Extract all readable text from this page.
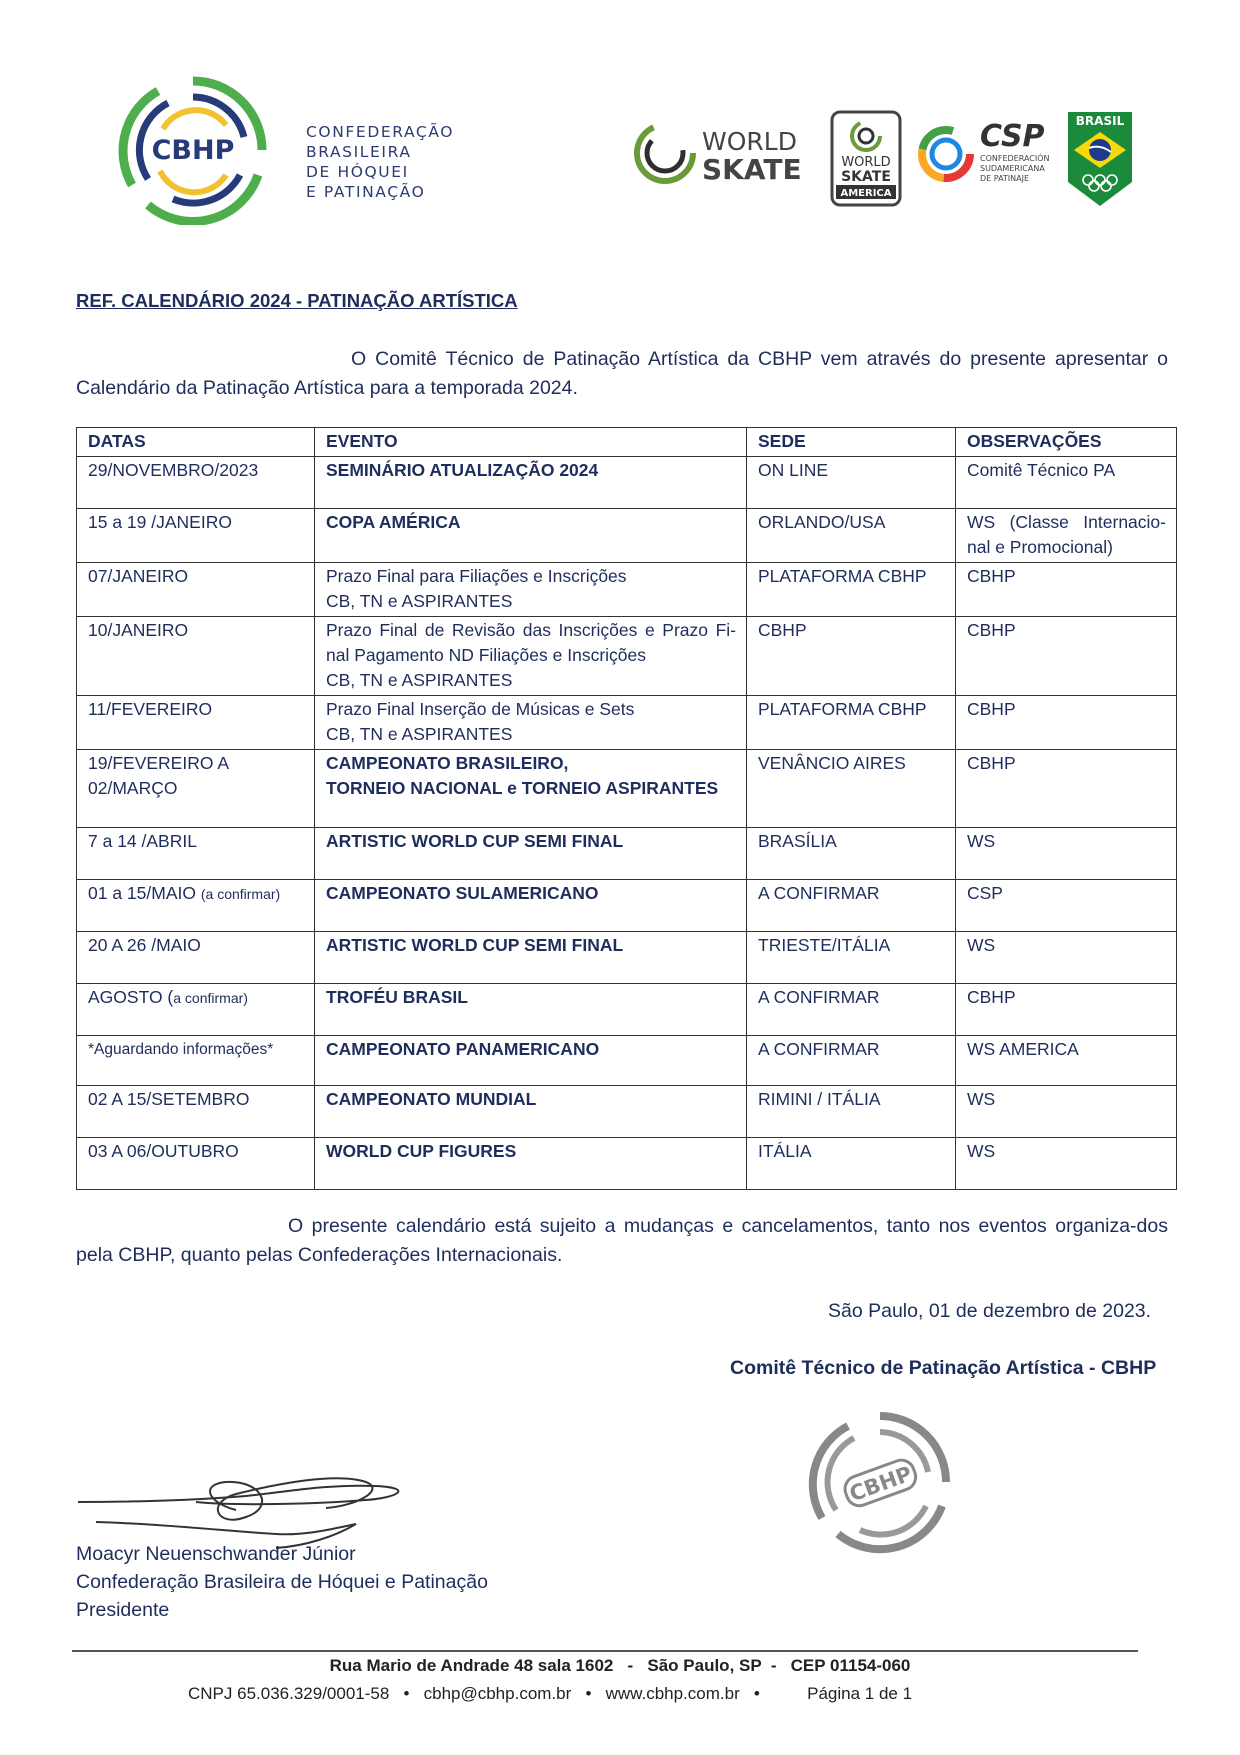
CBHP
CONFEDERAÇÃO
BRASILEIRA
DE HÓQUEI
E PATINAÇÃO
WORLD
SKATE	WORLD
SKATE
AMERICA
CSP
CONFEDERACIÓN
SUDAMERICANA
DE PATINAJE
BRASIL
REF. CALENDÁRIO 2024 - PATINAÇÃO ARTÍSTICA
O Comitê Técnico de Patinação Artística da CBHP vem através do presente apresentar o Calendário da Patinação Artística para a temporada 2024.
DATAS	EVENTO	SEDE	OBSERVAÇÕES
29/NOVEMBRO/2023	SEMINÁRIO ATUALIZAÇÃO 2024	ON LINE	Comitê Técnico PA
15 a 19 /JANEIRO	COPA AMÉRICA	ORLANDO/USA	WS (Classe Internacio-nal e Promocional)
07/JANEIRO	Prazo Final para Filiações e Inscrições
CB, TN e ASPIRANTES	PLATAFORMA CBHP	CBHP
10/JANEIRO	Prazo Final de Revisão das Inscrições e Prazo Fi-nal Pagamento ND Filiações e Inscrições
CB, TN e ASPIRANTES	CBHP	CBHP
11/FEVEREIRO	Prazo Final Inserção de Músicas e Sets
CB, TN e ASPIRANTES	PLATAFORMA CBHP	CBHP
19/FEVEREIRO A 02/MARÇO	CAMPEONATO BRASILEIRO,
TORNEIO NACIONAL e TORNEIO ASPIRANTES	VENÂNCIO AIRES	CBHP
7 a 14 /ABRIL	ARTISTIC WORLD CUP SEMI FINAL	BRASÍLIA	WS
01 a 15/MAIO (a confirmar)	CAMPEONATO SULAMERICANO	A CONFIRMAR	CSP
20 A 26 /MAIO	ARTISTIC WORLD CUP SEMI FINAL	TRIESTE/ITÁLIA	WS
AGOSTO (a confirmar)	TROFÉU BRASIL	A CONFIRMAR	CBHP
*Aguardando informações*	CAMPEONATO PANAMERICANO	A CONFIRMAR	WS AMERICA
02 A 15/SETEMBRO	CAMPEONATO MUNDIAL	RIMINI / ITÁLIA	WS
03 A 06/OUTUBRO	WORLD CUP FIGURES	ITÁLIA	WS
O presente calendário está sujeito a mudanças e cancelamentos, tanto nos eventos organiza-dos pela CBHP, quanto pelas Confederações Internacionais.
São Paulo, 01 de dezembro de 2023.
Comitê Técnico de Patinação Artística - CBHP
CBHP
Moacyr Neuenschwander Júnior
Confederação Brasileira de Hóquei e Patinação
Presidente
Rua Mario de Andrade 48 sala 1602   -   São Paulo, SP  -   CEP 01154-060
CNPJ 65.036.329/0001-58   •   cbhp@cbhp.com.br   •   www.cbhp.com.br   •          Página 1 de 1
